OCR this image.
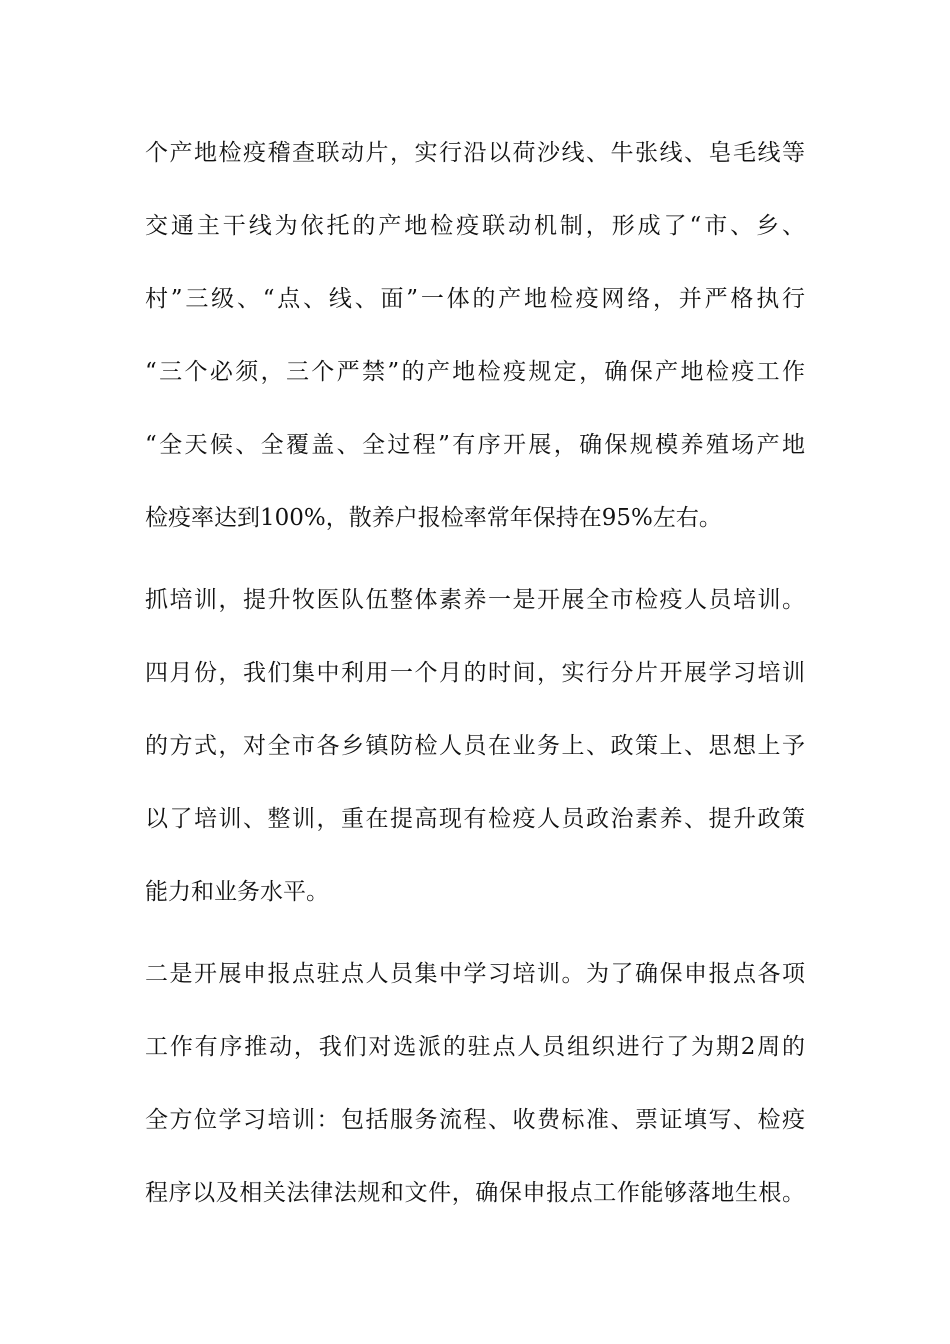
个产地检疫稽查联动片，实行沿以荷沙线、牛张线、皂毛线等
交通主干线为依托的产地检疫联动机制，形成了“市、乡、
村”三级、“点、线、面”一体的产地检疫网络，并严格执行
“三个必须，三个严禁”的产地检疫规定，确保产地检疫工作
“全天候、全覆盖、全过程”有序开展，确保规模养殖场产地
检疫率达到100%，散养户报检率常年保持在95%左右。
抓培训，提升牧医队伍整体素养一是开展全市检疫人员培训。
四月份，我们集中利用一个月的时间，实行分片开展学习培训
的方式，对全市各乡镇防检人员在业务上、政策上、思想上予
以了培训、整训，重在提高现有检疫人员政治素养、提升政策
能力和业务水平。
二是开展申报点驻点人员集中学习培训。为了确保申报点各项
工作有序推动，我们对选派的驻点人员组织进行了为期2周的
全方位学习培训：包括服务流程、收费标准、票证填写、检疫
程序以及相关法律法规和文件，确保申报点工作能够落地生根。
